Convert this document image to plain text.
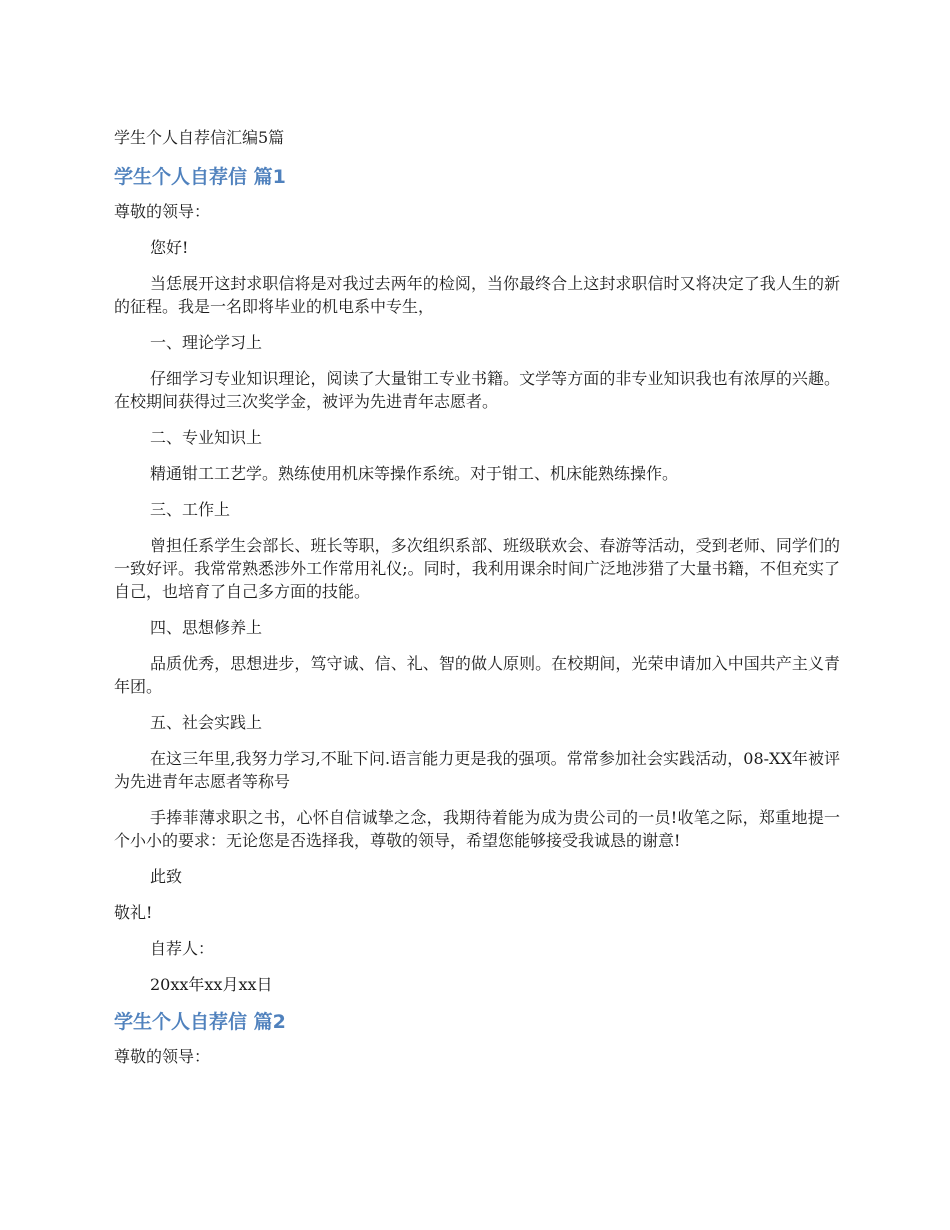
学生个人自荐信汇编5篇
学生个人自荐信 篇1
尊敬的领导：
您好!
当恁展开这封求职信将是对我过去两年的检阅，当你最终合上这封求职信时又将决定了我人生的新的征程。我是一名即将毕业的机电系中专生，
一、理论学习上
仔细学习专业知识理论，阅读了大量钳工专业书籍。文学等方面的非专业知识我也有浓厚的兴趣。在校期间获得过三次奖学金，被评为先进青年志愿者。
二、专业知识上
精通钳工工艺学。熟练使用机床等操作系统。对于钳工、机床能熟练操作。
三、工作上
曾担任系学生会部长、班长等职，多次组织系部、班级联欢会、春游等活动，受到老师、同学们的一致好评。我常常熟悉涉外工作常用礼仪;。同时，我利用课余时间广泛地涉猎了大量书籍，不但充实了自己，也培育了自己多方面的技能。
四、思想修养上
品质优秀，思想进步，笃守诚、信、礼、智的做人原则。在校期间，光荣申请加入中国共产主义青年团。
五、社会实践上
在这三年里,我努力学习,不耻下问.语言能力更是我的强项。常常参加社会实践活动，08-XX年被评为先进青年志愿者等称号
手捧菲薄求职之书，心怀自信诚挚之念，我期待着能为成为贵公司的一员!收笔之际，郑重地提一个小小的要求：无论您是否选择我，尊敬的领导，希望您能够接受我诚恳的谢意!
此致
敬礼!
自荐人：
20xx年xx月xx日
学生个人自荐信 篇2
尊敬的领导：
